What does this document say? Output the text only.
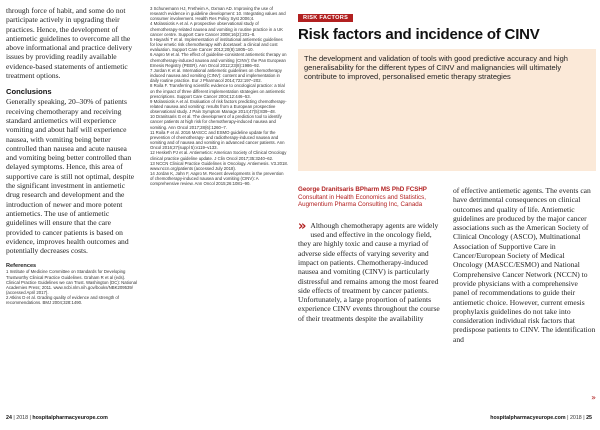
through force of habit, and some do not participate actively in upgrading their practices. Hence, the development of antiemetic guidelines to overcome all the above informational and practice delivery issues by providing readily available evidence-based statements of antiemetic treatment options.

Conclusions

Generally speaking, 20–30% of patients receiving chemotherapy and receiving standard antiemetics will experience vomiting and about half will experience nausea, with vomiting being better controlled than nausea and acute nausea and vomiting being better controlled than delayed symptoms. Hence, this area of supportive care is still not optimal, despite the significant investment in antiemetic drug research and development and the introduction of newer and more potent antiemetics. The use of antiemetic guidelines will ensure that the care provided to cancer patients is based on evidence, improves health outcomes and potentially decreases costs.

References

1 Institute of Medicine Committee on Standards for Developing Trustworthy Clinical Practice Guidelines. Graham R et al (eds). Clinical Practice Guidelines we can Trust. Washington (DC): National Academies Press; 2011. www.ncbi.nlm.nih.gov/books/NBK209539/ (accessed April 2017).

2 Atkins D et al. Grading quality of evidence and strength of recommendations. BMJ 2004;328:1490.

3 Schunemann HJ, Fretheim A, Oxman AD. Improving the use of research evidence in guideline development: 10. Integrating values and consumer involvement. Health Res Policy Syst 2006;4.

4 Molassiotis A et al. A prospective observational study of chemotherapy-related nausea and vomiting in routine practice in a UK cancer centre. Support Care Cancer 2008;16(2):201–8.

5 Hayashi T et al. Implementation of institutional antiemetic guidelines for low emetic risk chemotherapy with docetaxel: a clinical and cost evaluation. Support Care Cancer 2012;20(8):1805–10.

6 Aapro M et al. The effect of guideline-consistent antiemetic therapy on chemotherapy-induced nausea and vomiting (CINV): the Pan European Emesis Registry (PEER). Ann Oncol 2012;23(8):1986–92.

7 Jordan K et al. International antiemetic guidelines on chemotherapy induced nausea and vomiting (CINV): content and implementation in daily routine practice. Eur J Pharmacol 2014;722:197–202.

8 Roila F. Transferring scientific evidence to oncological practice: a trial on the impact of three different implementation strategies on antiemetic prescriptions. Support Care Cancer 2004;12:446–53.

9 Molassiotis A et al. Evaluation of risk factors predicting chemotherapy-related nausea and vomiting: results from a European prospective observational study. J Pain Symptom Manage 2014;47(5):839–48.

10 Dranitsaris G et al. The development of a prediction tool to identify cancer patients at high risk for chemotherapy-induced nausea and vomiting. Ann Oncol 2017;28(6):1260–7.

11 Roila F et al. 2016 MASCC and ESMO guideline update for the prevention of chemotherapy- and radiotherapy-induced nausea and vomiting and of nausea and vomiting in advanced cancer patients. Ann Oncol 2016;27(suppl 5):v119–v133.

12 Hesketh PJ et al. Antiemetics: American Society of Clinical Oncology clinical practice guideline update. J Clin Oncol 2017;35:3240–62.

13 NCCN Clinical Practice Guidelines in Oncology. Antiemesis. V3.2018. www.nccn.org/patients (accessed July 2018).

14 Jordan K, Jahn F, Aapro M. Recent developments in the prevention of chemotherapy-induced nausea and vomiting (CINV): A comprehensive review. Ann Oncol 2015;26:1081–90.

RISK FACTORS
Risk factors and incidence of CINV
The development and validation of tools with good predictive accuracy and high generalisability for the different types of CINV and malignancies will ultimately contribute to improved, personalised emetic therapy strategies
George Dranitsaris BPharm MS PhD FCSHP
Consultant in Health Economics and Statistics, Augmentium Pharma Consulting Inc, Canada
» Although chemotherapy agents are widely used and effective in the oncology field, they are highly toxic and cause a myriad of adverse side effects of varying severity and impact on patients. Chemotherapy-induced nausea and vomiting (CINV) is particularly distressful and remains among the most feared side effects of treatment by cancer patients. Unfortunately, a large proportion of patients experience CINV events throughout the course of their treatments despite the availability

of effective antiemetic agents. The events can have detrimental consequences on clinical outcomes and quality of life. Antiemetic guidelines are produced by the major cancer associations such as the American Society of Clinical Oncology (ASCO), Multinational Association of Supportive Care in Cancer/European Society of Medical Oncology (MASCC/ESMO) and National Comprehensive Cancer Network (NCCN) to provide physicians with a comprehensive panel of recommendations to guide their antiemetic choice. However, current emesis prophylaxis guidelines do not take into consideration individual risk factors that predispose patients to CINV. The identification and

»
24 | 2018 | hospitalpharmacyeurope.com	hospitalpharmacyeurope.com | 2018 | 25
